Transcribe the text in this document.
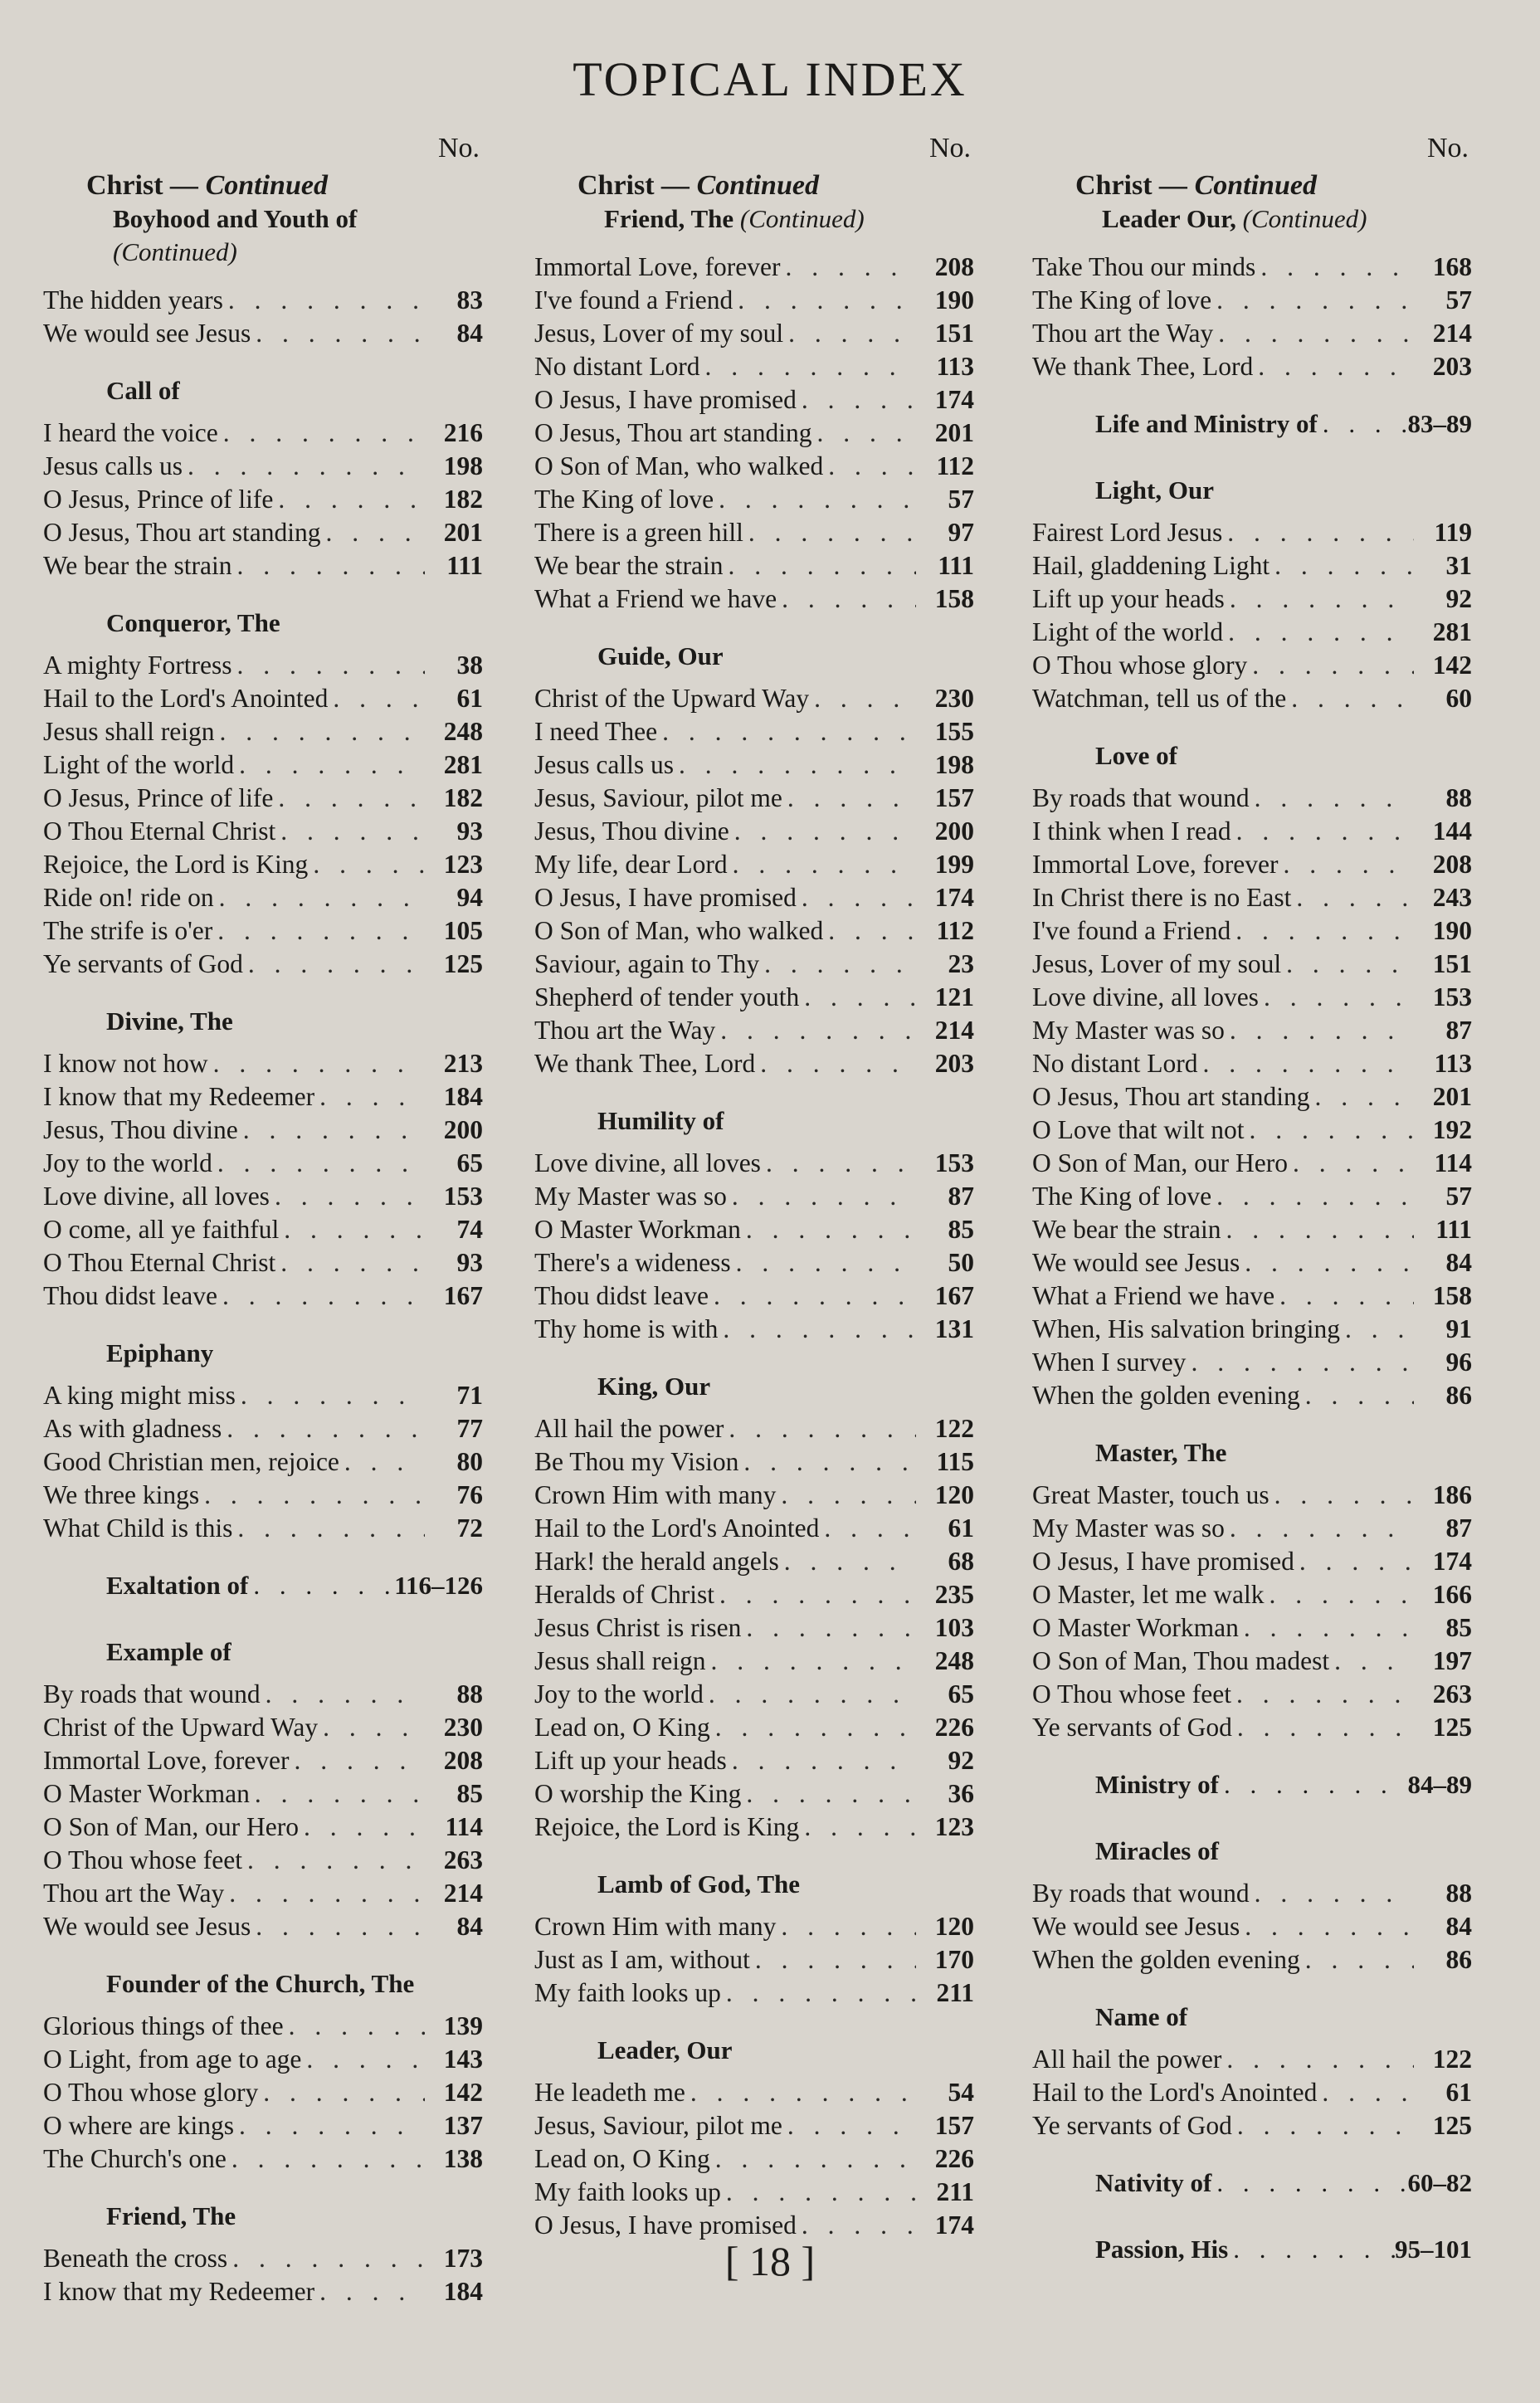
TOPICAL INDEX
No.
Christ — Continued
Boyhood and Youth of (Continued)
The hidden years . . .	83
We would see Jesus . . .	84
Call of
I heard the voice . . .	216
Jesus calls us . . .	198
O Jesus, Prince of life . . .	182
O Jesus, Thou art standing . . .	201
We bear the strain . . .	111
Conqueror, The
A mighty Fortress . . .	38
Hail to the Lord's Anointed . . .	61
Jesus shall reign . . .	248
Light of the world . . .	281
O Jesus, Prince of life . . .	182
O Thou Eternal Christ . . .	93
Rejoice, the Lord is King . . .	123
Ride on! ride on . . .	94
The strife is o'er . . .	105
Ye servants of God . . .	125
Divine, The
I know not how . . .	213
I know that my Redeemer . . .	184
Jesus, Thou divine . . .	200
Joy to the world . . .	65
Love divine, all loves . . .	153
O come, all ye faithful . . .	74
O Thou Eternal Christ . . .	93
Thou didst leave . . .	167
Epiphany
A king might miss . . .	71
As with gladness . . .	77
Good Christian men, rejoice . . .	80
We three kings . . .	76
What Child is this . . .	72
Exaltation of . . .	116–126
Example of
By roads that wound . . .	88
Christ of the Upward Way . . .	230
Immortal Love, forever . . .	208
O Master Workman . . .	85
O Son of Man, our Hero . . .	114
O Thou whose feet . . .	263
Thou art the Way . . .	214
We would see Jesus . . .	84
Founder of the Church, The
Glorious things of thee . . .	139
O Light, from age to age . . .	143
O Thou whose glory . . .	142
O where are kings . . .	137
The Church's one . . .	138
Friend, The
Beneath the cross . . .	173
I know that my Redeemer . . .	184
No.
Christ — Continued
Friend, The (Continued)
Immortal Love, forever . . .	208
I've found a Friend . . .	190
Jesus, Lover of my soul . . .	151
No distant Lord . . .	113
O Jesus, I have promised . . .	174
O Jesus, Thou art standing . . .	201
O Son of Man, who walked . . .	112
The King of love . . .	57
There is a green hill . . .	97
We bear the strain . . .	111
What a Friend we have . . .	158
Guide, Our
Christ of the Upward Way . . .	230
I need Thee . . .	155
Jesus calls us . . .	198
Jesus, Saviour, pilot me . . .	157
Jesus, Thou divine . . .	200
My life, dear Lord . . .	199
O Jesus, I have promised . . .	174
O Son of Man, who walked . . .	112
Saviour, again to Thy . . .	23
Shepherd of tender youth . . .	121
Thou art the Way . . .	214
We thank Thee, Lord . . .	203
Humility of
Love divine, all loves . . .	153
My Master was so . . .	87
O Master Workman . . .	85
There's a wideness . . .	50
Thou didst leave . . .	167
Thy home is with . . .	131
King, Our
All hail the power . . .	122
Be Thou my Vision . . .	115
Crown Him with many . . .	120
Hail to the Lord's Anointed . . .	61
Hark! the herald angels . . .	68
Heralds of Christ . . .	235
Jesus Christ is risen . . .	103
Jesus shall reign . . .	248
Joy to the world . . .	65
Lead on, O King . . .	226
Lift up your heads . . .	92
O worship the King . . .	36
Rejoice, the Lord is King . . .	123
Lamb of God, The
Crown Him with many . . .	120
Just as I am, without . . .	170
My faith looks up . . .	211
Leader, Our
He leadeth me . . .	54
Jesus, Saviour, pilot me . . .	157
Lead on, O King . . .	226
My faith looks up . . .	211
O Jesus, I have promised . . .	174
No.
Christ — Continued
Leader Our, (Continued)
Take Thou our minds . . .	168
The King of love . . .	57
Thou art the Way . . .	214
We thank Thee, Lord . . .	203
Life and Ministry of . . .	83–89
Light, Our
Fairest Lord Jesus . . .	119
Hail, gladdening Light . . .	31
Lift up your heads . . .	92
Light of the world . . .	281
O Thou whose glory . . .	142
Watchman, tell us of the . . .	60
Love of
By roads that wound . . .	88
I think when I read . . .	144
Immortal Love, forever . . .	208
In Christ there is no East . . .	243
I've found a Friend . . .	190
Jesus, Lover of my soul . . .	151
Love divine, all loves . . .	153
My Master was so . . .	87
No distant Lord . . .	113
O Jesus, Thou art standing . . .	201
O Love that wilt not . . .	192
O Son of Man, our Hero . . .	114
The King of love . . .	57
We bear the strain . . .	111
We would see Jesus . . .	84
What a Friend we have . . .	158
When, His salvation bringing . . .	91
When I survey . . .	96
When the golden evening . . .	86
Master, The
Great Master, touch us . . .	186
My Master was so . . .	87
O Jesus, I have promised . . .	174
O Master, let me walk . . .	166
O Master Workman . . .	85
O Son of Man, Thou madest . . .	197
O Thou whose feet . . .	263
Ye servants of God . . .	125
Ministry of . . .	84–89
Miracles of
By roads that wound . . .	88
We would see Jesus . . .	84
When the golden evening . . .	86
Name of
All hail the power . . .	122
Hail to the Lord's Anointed . . .	61
Ye servants of God . . .	125
Nativity of . . .	60–82
Passion, His . . .	95–101
[ 18 ]
